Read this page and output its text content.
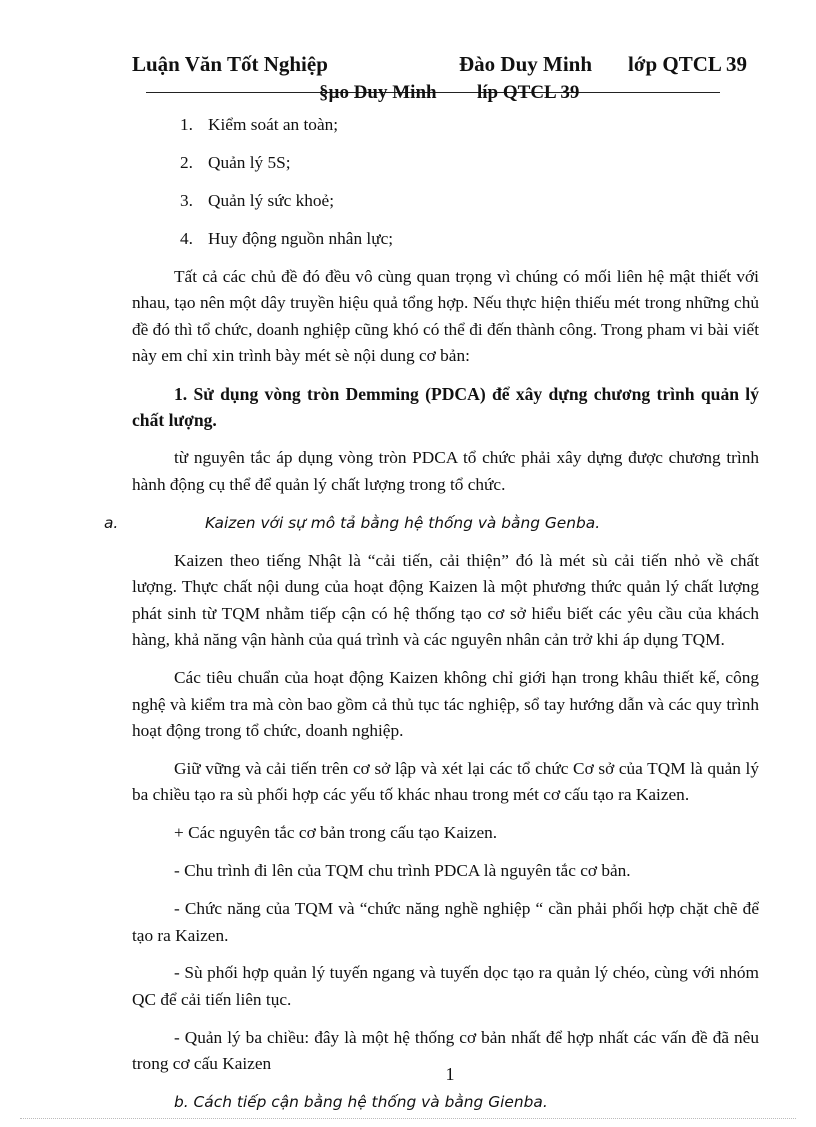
Luận Văn Tốt Nghiệp	Đào Duy Minh lớp QTCL 39
§µo Duy Minh líp QTCL 39
1. Kiểm soát an toàn;
2. Quản lý 5S;
3. Quản lý sức khoẻ;
4. Huy động nguồn nhân lực;

Tất cả các chủ đề đó đều vô cùng quan trọng vì chúng có mối liên hệ mật thiết với nhau, tạo nên một dây truyền hiệu quả tổng hợp. Nếu thực hiện thiếu mét trong những chủ đề đó thì tổ chức, doanh nghiệp cũng khó có thể đi đến thành công. Trong pham vi bài viết này em chỉ xin trình bày mét sè nội dung cơ bản:

1. Sử dụng vòng tròn Demming (PDCA) để xây dựng chương trình quản lý chất lượng.

từ nguyên tắc áp dụng vòng tròn PDCA tổ chức phải xây dựng được chương trình hành động cụ thể để quản lý chất lượng trong tổ chức.

a.	Kaizen với sự mô tả bằng hệ thống và bằng Genba.

Kaizen theo tiếng Nhật là “cải tiến, cải thiện” đó là mét sù cải tiến nhỏ về chất lượng. Thực chất nội dung của hoạt động Kaizen là một phương thức quản lý chất lượng phát sinh từ TQM nhằm tiếp cận có hệ thống tạo cơ sở hiểu biết các yêu cầu của khách hàng, khả năng vận hành của quá trình và các nguyên nhân cản trở khi áp dụng TQM.

Các tiêu chuẩn của hoạt động Kaizen không chỉ giới hạn trong khâu thiết kế, công nghệ và kiểm tra mà còn bao gồm cả thủ tục tác nghiệp, sổ tay hướng dẫn và các quy trình hoạt động trong tổ chức, doanh nghiệp.

Giữ vững và cải tiến trên cơ sở lập và xét lại các tổ chức Cơ sở của TQM là quản lý ba chiều tạo ra sù phối hợp các yếu tố khác nhau trong mét cơ cấu tạo ra Kaizen.

+ Các nguyên tắc cơ bản trong cấu tạo Kaizen.

- Chu trình đi lên của TQM chu trình PDCA là nguyên tắc cơ bản.

- Chức năng của TQM và “chức năng nghề nghiệp “ cần phải phối hợp chặt chẽ để tạo ra Kaizen.

- Sù phối hợp quản lý tuyến ngang và tuyến dọc tạo ra quản lý chéo, cùng với nhóm QC để cải tiến liên tục.

- Quản lý ba chiều: đây là một hệ thống cơ bản nhất để hợp nhất các vấn đề đã nêu trong cơ cấu Kaizen

b. Cách tiếp cận bằng hệ thống và bằng Gienba.
1
